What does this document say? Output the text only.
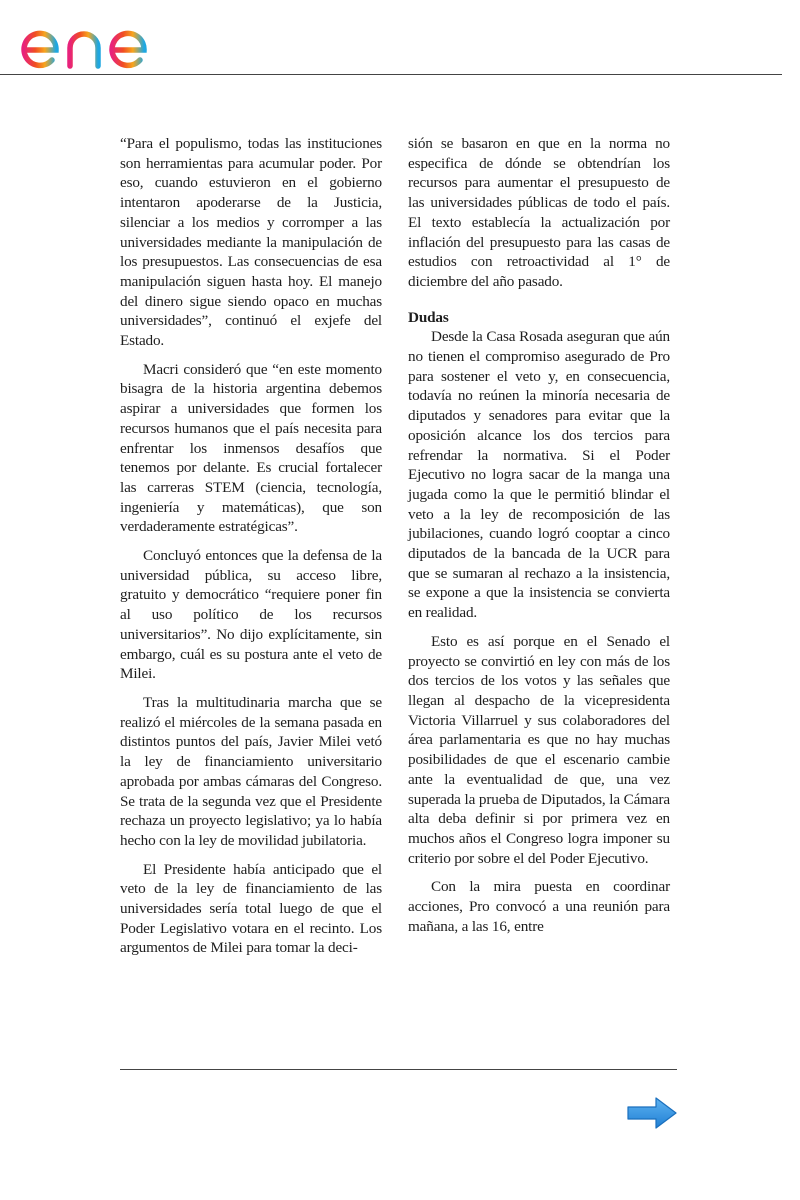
“Para el populismo, todas las instituciones son herramientas para acumular poder. Por eso, cuando estuvieron en el gobierno intentaron apoderarse de la Justicia, silenciar a los medios y corromper a las universidades mediante la manipulación de los presupuestos. Las consecuencias de esa manipulación siguen hasta hoy. El manejo del dinero sigue siendo opaco en muchas universidades”, continuó el exjefe del Estado.

Macri consideró que “en este momento bisagra de la historia argentina debemos aspirar a universidades que formen los recursos humanos que el país necesita para enfrentar los inmensos desafíos que tenemos por delante. Es crucial fortalecer las carreras STEM (ciencia, tecnología, ingeniería y matemáticas), que son verdaderamente estratégicas”.

Concluyó entonces que la defensa de la universidad pública, su acceso libre, gratuito y democrático “requiere poner fin al uso político de los recursos universitarios”. No dijo explícitamente, sin embargo, cuál es su postura ante el veto de Milei.

Tras la multitudinaria marcha que se realizó el miércoles de la semana pasada en distintos puntos del país, Javier Milei vetó la ley de financiamiento universitario aprobada por ambas cámaras del Congreso. Se trata de la segunda vez que el Presidente rechaza un proyecto legislativo; ya lo había hecho con la ley de movilidad jubilatoria.

El Presidente había anticipado que el veto de la ley de financiamiento de las universidades sería total luego de que el Poder Legislativo votara en el recinto. Los argumentos de Milei para tomar la deci-

sión se basaron en que en la norma no especifica de dónde se obtendrían los recursos para aumentar el presupuesto de las universidades públicas de todo el país. El texto establecía la actualización por inflación del presupuesto para las casas de estudios con retroactividad al 1° de diciembre del año pasado.

Dudas

Desde la Casa Rosada aseguran que aún no tienen el compromiso asegurado de Pro para sostener el veto y, en consecuencia, todavía no reúnen la minoría necesaria de diputados y senadores para evitar que la oposición alcance los dos tercios para refrendar la normativa. Si el Poder Ejecutivo no logra sacar de la manga una jugada como la que le permitió blindar el veto a la ley de recomposición de las jubilaciones, cuando logró cooptar a cinco diputados de la bancada de la UCR para que se sumaran al rechazo a la insistencia, se expone a que la insistencia se convierta en realidad.

Esto es así porque en el Senado el proyecto se convirtió en ley con más de los dos tercios de los votos y las señales que llegan al despacho de la vicepresidenta Victoria Villarruel y sus colaboradores del área parlamentaria es que no hay muchas posibilidades de que el escenario cambie ante la eventualidad de que, una vez superada la prueba de Diputados, la Cámara alta deba definir si por primera vez en muchos años el Congreso logra imponer su criterio por sobre el del Poder Ejecutivo.

Con la mira puesta en coordinar acciones, Pro convocó a una reunión para mañana, a las 16, entre
